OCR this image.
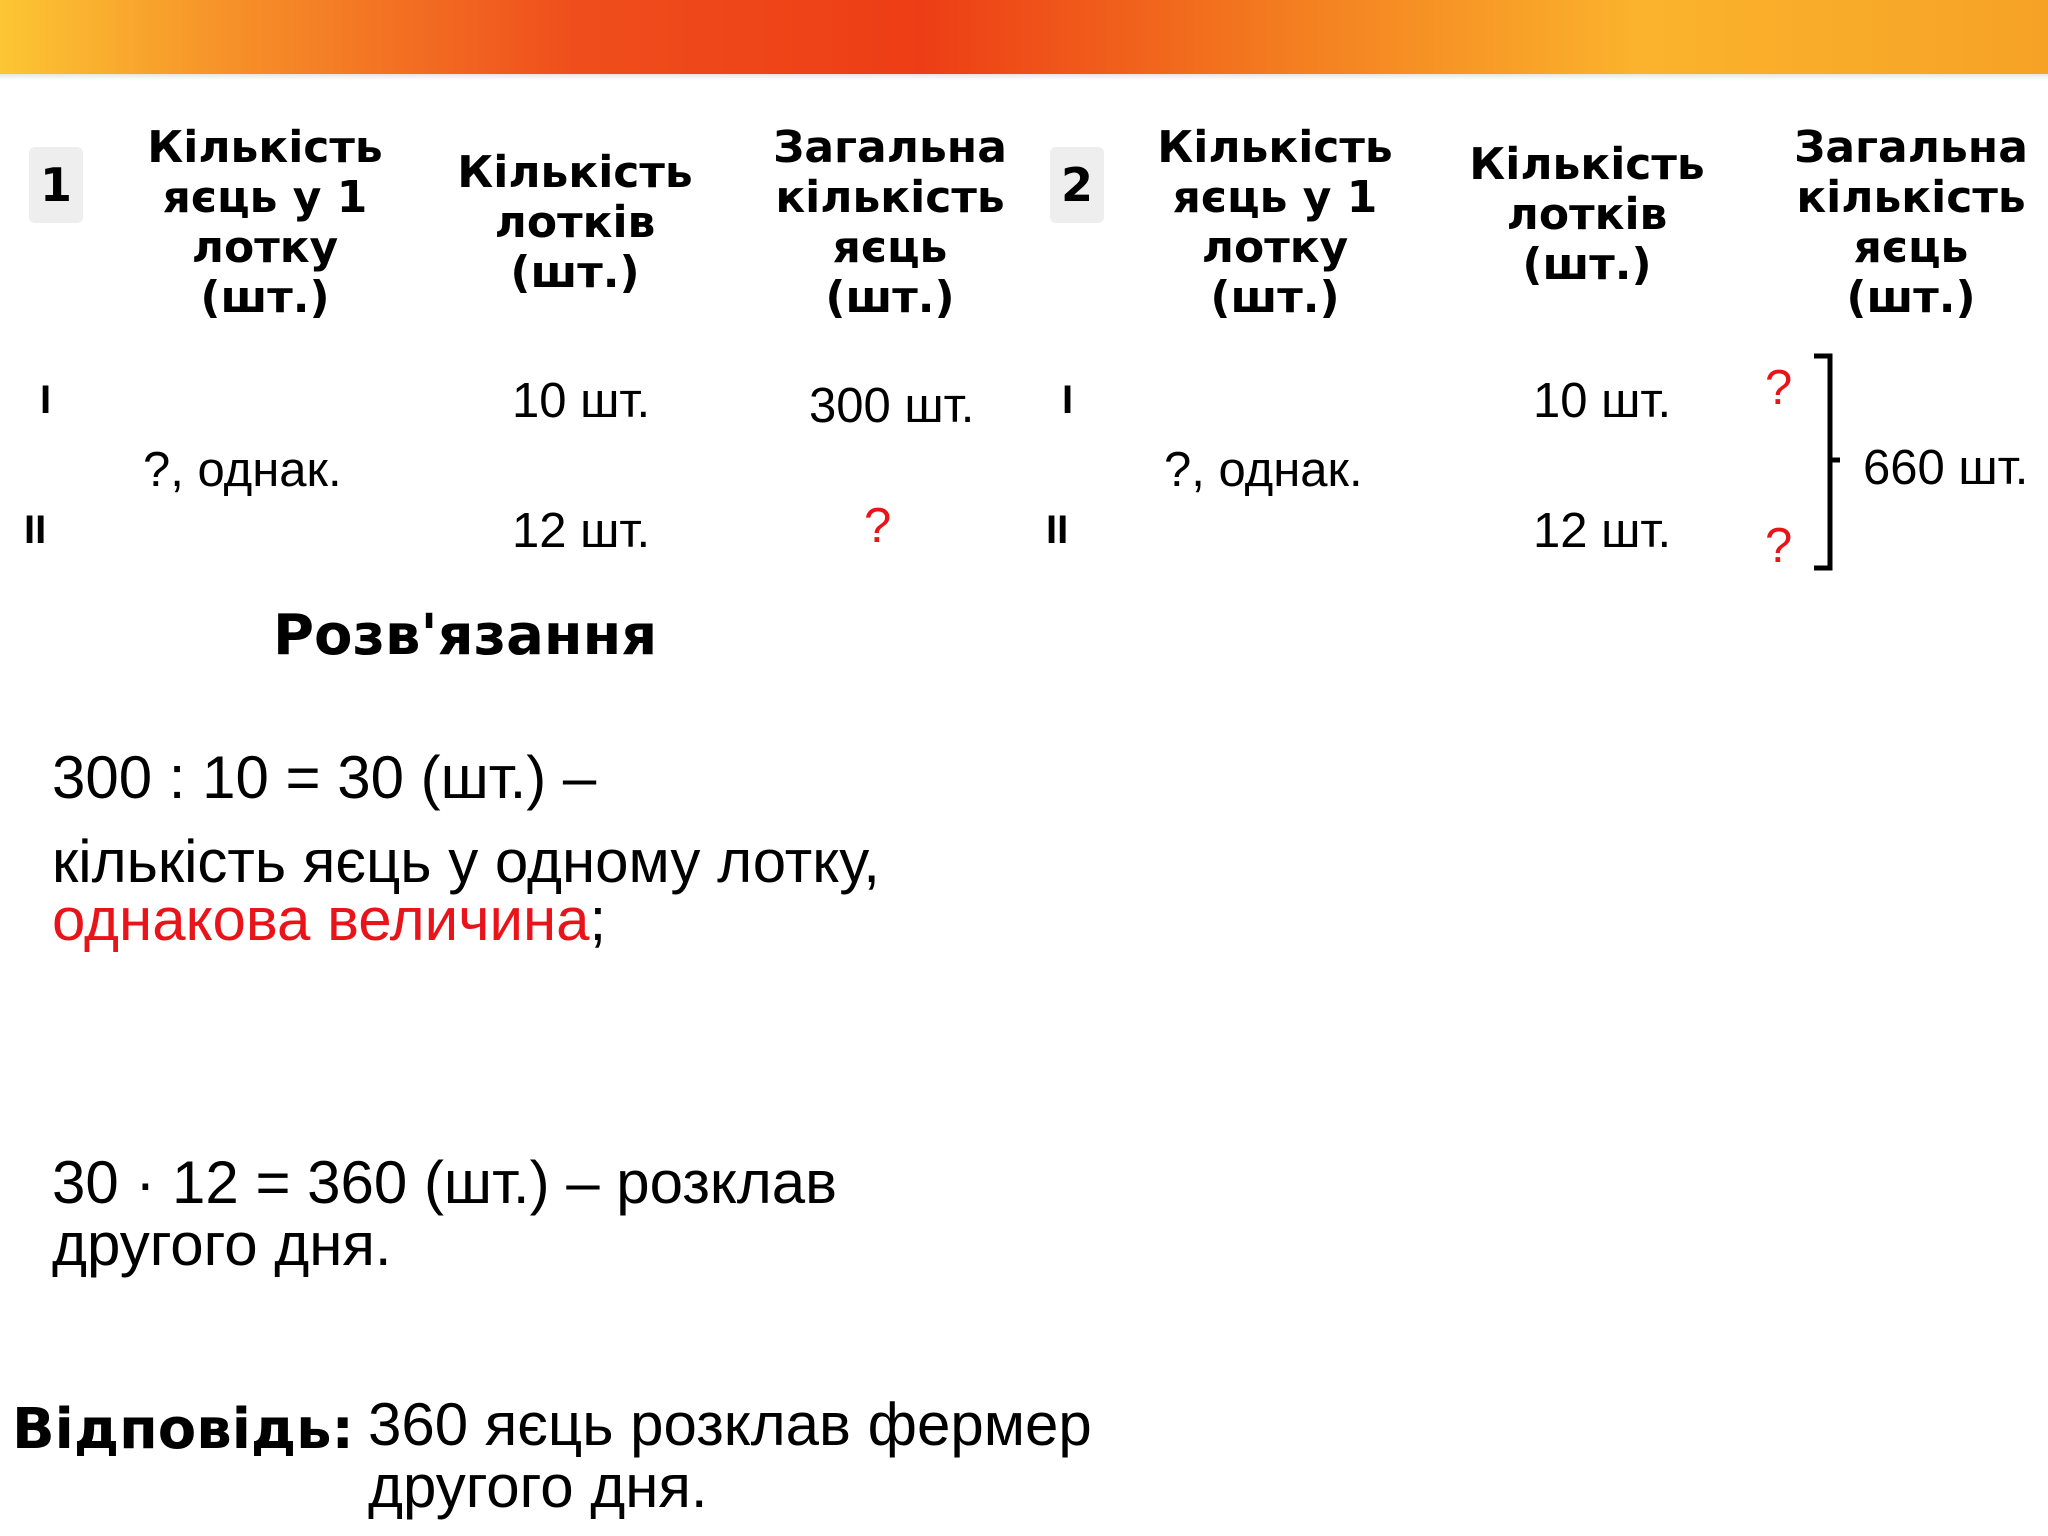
1
Кількість
яєць у 1
лотку
(шт.)
Кількість
лотків
(шт.)
Загальна
кількість
яєць
(шт.)
I
II
?, однак.
10 шт.
12 шт.
300 шт.
?
2
Кількість
яєць у 1
лотку
(шт.)
Кількість
лотків
(шт.)
Загальна
кількість
яєць
(шт.)
I
II
?, однак.
10 шт.
12 шт.
?
?
660 шт.
Розв'язання
300 : 10 = 30 (шт.) –
кількість яєць у одному лотку,
однакова величина;
30 · 12 = 360 (шт.) – розклав
другого дня.
Відповідь: 360 яєць розклав фермер
другого дня.
